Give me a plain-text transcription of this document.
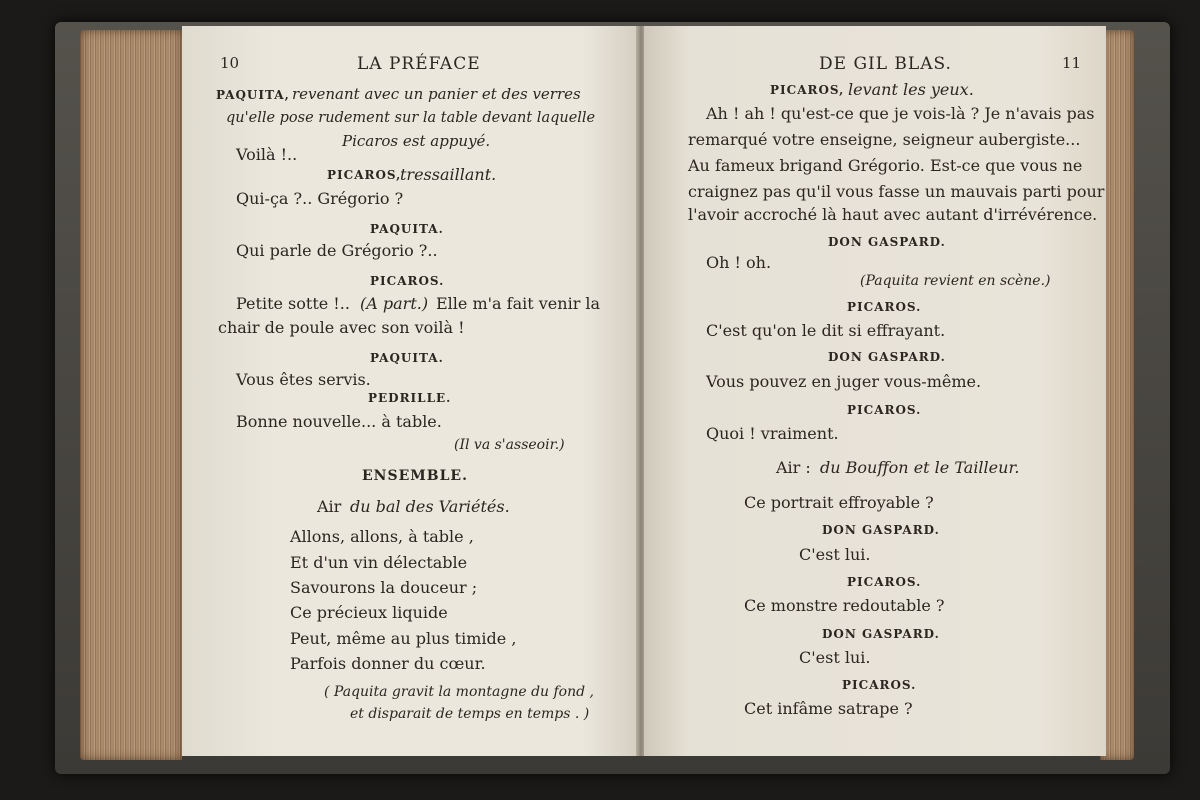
10	LA PRÉFACE
PAQUITA, revenant avec un panier et des verres
qu'elle pose rudement sur la table devant laquelle
Picaros est appuyé.
Voilà !..
PICAROS,
tressaillant.
Qui-ça ?.. Grégorio ?
PAQUITA.
Qui parle de Grégorio ?..
PICAROS.
Petite sotte !.. (A part.) Elle m'a fait venir la
chair de poule avec son voilà !
PAQUITA.
Vous êtes servis.
PEDRILLE.
Bonne nouvelle... à table.
(Il va s'asseoir.)
ENSEMBLE.
Air du bal des Variétés.
Allons, allons, à table ,
Et d'un vin délectable
Savourons la douceur ;
Ce précieux liquide
Peut, même au plus timide ,
Parfois donner du cœur.
( Paquita gravit la montagne du fond ,
et disparait de temps en temps . )
DE GIL BLAS.	11
PICAROS, levant les yeux.
Ah ! ah ! qu'est-ce que je vois-là ? Je n'avais pas
remarqué votre enseigne, seigneur aubergiste...
Au fameux brigand Grégorio. Est-ce que vous ne
craignez pas qu'il vous fasse un mauvais parti pour
l'avoir accroché là haut avec autant d'irrévérence.
DON GASPARD.
Oh ! oh.
(Paquita revient en scène.)
PICAROS.
C'est qu'on le dit si effrayant.
DON GASPARD.
Vous pouvez en juger vous-même.
PICAROS.
Quoi ! vraiment.
Air : du Bouffon et le Tailleur.
Ce portrait effroyable ?
DON GASPARD.
C'est lui.
PICAROS.
Ce monstre redoutable ?
DON GASPARD.
C'est lui.
PICAROS.
Cet infâme satrape ?
